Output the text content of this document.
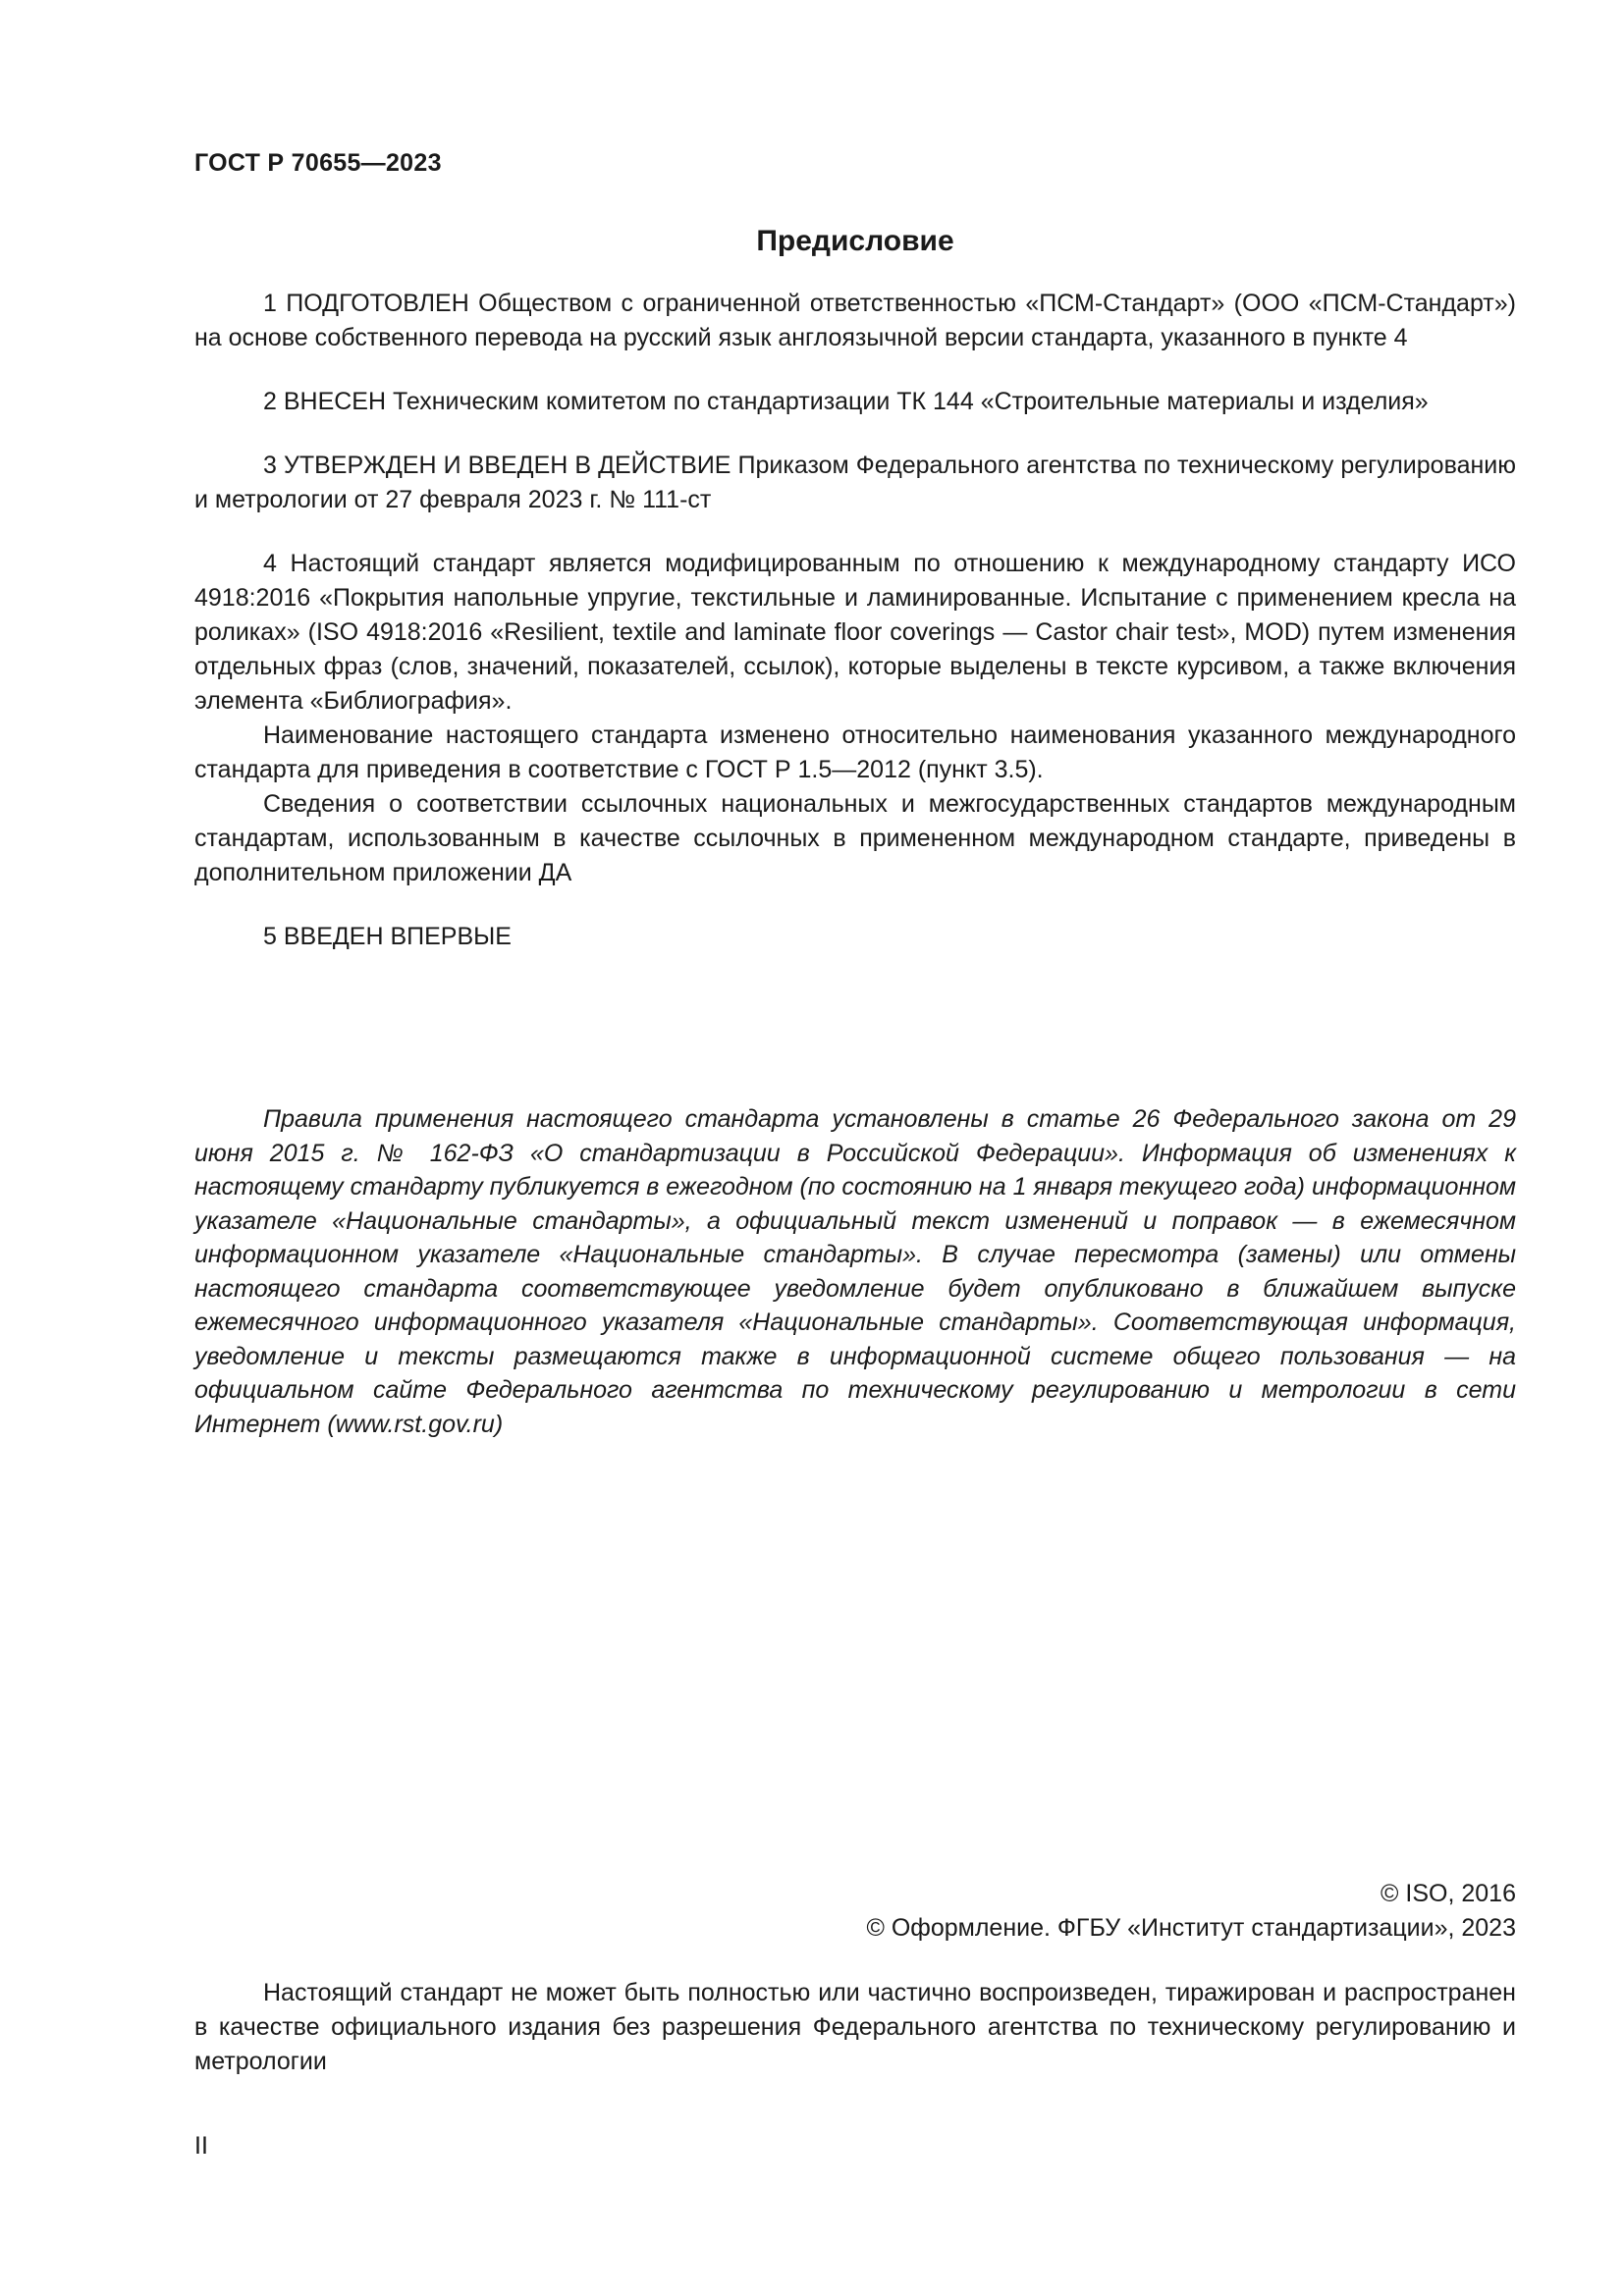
ГОСТ Р 70655—2023
Предисловие

1 ПОДГОТОВЛЕН Обществом с ограниченной ответственностью «ПСМ-Стандарт» (ООО «ПСМ-Стандарт») на основе собственного перевода на русский язык англоязычной версии стандарта, указанного в пункте 4

2 ВНЕСЕН Техническим комитетом по стандартизации ТК 144 «Строительные материалы и изделия»

3 УТВЕРЖДЕН И ВВЕДЕН В ДЕЙСТВИЕ Приказом Федерального агентства по техническому регулированию и метрологии от 27 февраля 2023 г. № 111-ст

4 Настоящий стандарт является модифицированным по отношению к международному стандарту ИСО 4918:2016 «Покрытия напольные упругие, текстильные и ламинированные. Испытание с применением кресла на роликах» (ISO 4918:2016 «Resilient, textile and laminate floor coverings — Castor chair test», MOD) путем изменения отдельных фраз (слов, значений, показателей, ссылок), которые выделены в тексте курсивом, а также включения элемента «Библиография».

Наименование настоящего стандарта изменено относительно наименования указанного международного стандарта для приведения в соответствие с ГОСТ Р 1.5—2012 (пункт 3.5).

Сведения о соответствии ссылочных национальных и межгосударственных стандартов международным стандартам, использованным в качестве ссылочных в примененном международном стандарте, приведены в дополнительном приложении ДА

5 ВВЕДЕН ВПЕРВЫЕ

Правила применения настоящего стандарта установлены в статье 26 Федерального закона от 29 июня 2015 г. № 162-ФЗ «О стандартизации в Российской Федерации». Информация об изменениях к настоящему стандарту публикуется в ежегодном (по состоянию на 1 января текущего года) информационном указателе «Национальные стандарты», а официальный текст изменений и поправок — в ежемесячном информационном указателе «Национальные стандарты». В случае пересмотра (замены) или отмены настоящего стандарта соответствующее уведомление будет опубликовано в ближайшем выпуске ежемесячного информационного указателя «Национальные стандарты». Соответствующая информация, уведомление и тексты размещаются также в информационной системе общего пользования — на официальном сайте Федерального агентства по техническому регулированию и метрологии в сети Интернет (www.rst.gov.ru)

© ISO, 2016
© Оформление. ФГБУ «Институт стандартизации», 2023

Настоящий стандарт не может быть полностью или частично воспроизведен, тиражирован и распространен в качестве официального издания без разрешения Федерального агентства по техническому регулированию и метрологии

II
